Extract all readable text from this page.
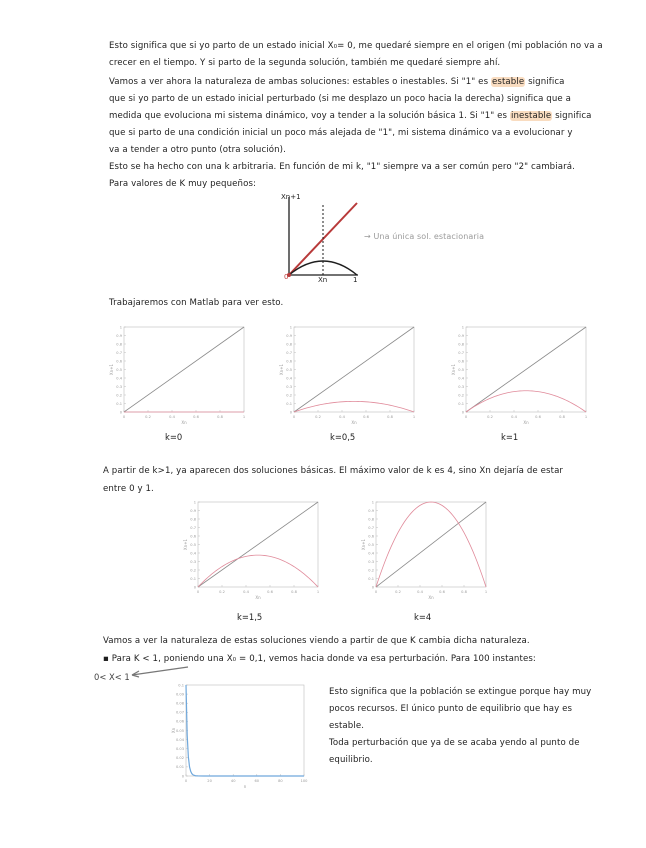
Esto significa que si yo parto de un estado inicial X₀= 0, me quedaré siempre en el origen (mi población no va a
crecer en el tiempo. Y si parto de la segunda solución, también me quedaré siempre ahí.
Vamos a ver ahora la naturaleza de ambas soluciones: estables o inestables. Si "1" es estable significa
que si yo parto de un estado inicial perturbado (si me desplazo un poco hacia la derecha) significa que a
medida que evoluciona mi sistema dinámico, voy a tender a la solución básica 1. Si "1" es inestable significa
que si parto de una condición inicial un poco más alejada de "1", mi sistema dinámico va a evolucionar y
va a tender a otro punto (otra solución).
Esto se ha hecho con una k arbitraria. En función de mi k, "1" siempre va a ser común pero "2" cambiará.
Para valores de K muy pequeños:
Xn+1
Xn	1
0
→ Una única sol. estacionaria
Trabajaremos con Matlab para ver esto.
0	0.2	0.4	0.6	0.8	1
0
0.1
0.2
0.3
0.4
0.5
0.6
0.7
0.8
0.9
1
Xn
Xn+1
0	0.2	0.4	0.6	0.8	1
0
0.1
0.2
0.3
0.4
0.5
0.6
0.7
0.8
0.9
1
Xn
Xn+1
0	0.2	0.4	0.6	0.8	1
0
0.1
0.2
0.3
0.4
0.5
0.6
0.7
0.8
0.9
1
Xn
Xn+1
k=0	k=0,5	k=1
A partir de k>1, ya aparecen dos soluciones básicas. El máximo valor de k es 4, sino Xn dejaría de estar
entre 0 y 1.
0	0.2	0.4	0.6	0.8	1
0
0.1
0.2
0.3
0.4
0.5
0.6
0.7
0.8
0.9
1
Xn
Xn+1
0	0.2	0.4	0.6	0.8	1
0
0.1
0.2
0.3
0.4
0.5
0.6
0.7
0.8
0.9
1
Xn
Xn+1
k=1,5	k=4
Vamos a ver la naturaleza de estas soluciones viendo a partir de que K cambia dicha naturaleza.
▪ Para K < 1, poniendo una X₀ = 0,1, vemos hacia donde va esa perturbación. Para 100 instantes:
0< X< 1
0	20	40	60	80	100
0
0.01
0.02
0.03
0.04
0.05
0.06
0.07
0.08
0.09
0.1
n
Xn
Esto significa que la población se extingue porque hay muy
pocos recursos. El único punto de equilibrio que hay es
estable.
Toda perturbación que ya de se acaba yendo al punto de
equilibrio.
